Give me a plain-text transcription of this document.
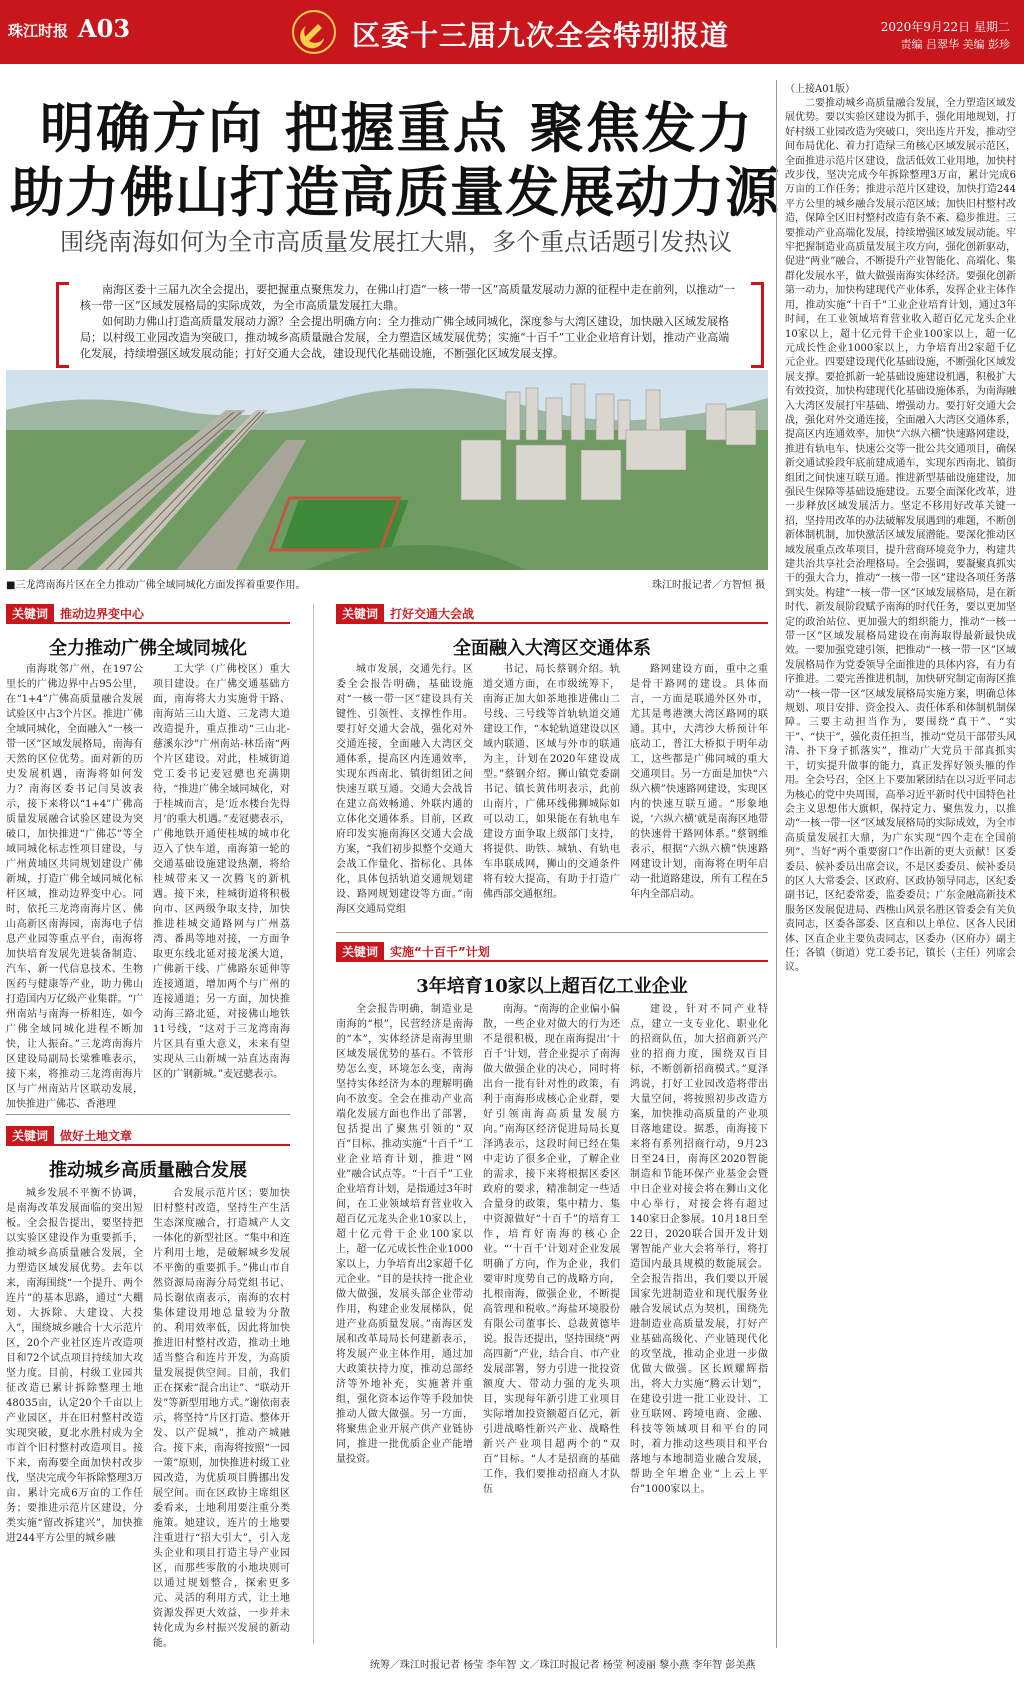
珠江时报 A03	区委十三届九次全会特别报道	2020年9月22日 星期二
责编 吕翠华 美编 彭珍
明确方向 把握重点 聚焦发力
助力佛山打造高质量发展动力源
围绕南海如何为全市高质量发展扛大鼎，多个重点话题引发热议

南海区委十三届九次全会提出，要把握重点聚焦发力，在佛山打造“一核一带一区”高质量发展动力源的征程中走在前列，以推动“一核一带一区”区域发展格局的实际成效，为全市高质量发展扛大鼎。

如何助力佛山打造高质量发展动力源？全会提出明确方向：全力推动广佛全域同城化，深度参与大湾区建设，加快融入区域发展格局；以村级工业园改造为突破口，推动城乡高质量融合发展，全力塑造区域发展优势；实施“十百千”工业企业培育计划，推动产业高端化发展，持续增强区域发展动能；打好交通大会战，建设现代化基础设施，不断强化区域发展支撑。

■三龙湾南海片区在全力推动广佛全域同城化方面发挥着重要作用。	珠江时报记者／方智恒 摄
关键词 推动边界变中心
全力推动广佛全域同城化

南海耽邻广州，在197公里长的广佛边界中占95公里，在“1+4”广佛高质量融合发展试验区中占3个片区。推进广佛全域同城化，全面融入“一核一带一区”区域发展格局，南海有天然的区位优势。面对新的历史发展机遇，南海将如何发力？南海区委书记闫昊波表示，接下来将以“1+4”广佛高质量发展融合试验区建设为突破口，加快推进“广佛芯”等全域同城化标志性项目建设，与广州黄埔区共同规划建设广佛新城，打造广佛全域同城化标杆区域，推动边界变中心。同时，依托三龙湾南海片区、佛山高新区南海园，南海电子信息产业园等重点平台，南海将加快培育发展先进装备制造、汽车、新一代信息技术、生物医药与健康等产业，助力佛山打造国内万亿级产业集群。“广州南站与南海一桥相连，如今广佛全域同城化进程不断加快，让人振奋。”三龙湾南海片区建设局副局长梁雅唯表示，接下来，将推动三龙湾南海片区与广州南站片区联动发展，加快推进广佛芯、香港理

工大学（广佛校区）重大项目建设。在广佛交通基础方面，南海将大力实施骨干路、南海站三山大道、三龙湾大道改造提升，重点推动“三山北-慈溪东沙”广州南站-林岳南“两个片区建设。对此，桂城街道党工委书记麦冠骢也充满期待，“推进广佛全域同城化，对于桂城而言，是‘近水楼台先得月’的重大机遇。”麦冠骢表示，广佛地铁开通使桂城的城市化迈入了快车道，南海第一轮的交通基础设施建设热潮，将给桂城带来又一次腾飞的新机遇。接下来，桂城街道将积极向市、区两级争取支持，加快推进桂城交通路网与广州荔湾、番禺等地对接，一方面争取更东线北延对接龙溪大道，广佛新干线、广佛路东延伸等连接通道，增加两个与广州的连接通道；另一方面，加快推动海三路北延，对接佛山地铁11号线，“这对于三龙湾南海片区具有重大意义，未来有望实现从三山新城一站直达南海区的广钢新城。”麦冠骢表示。

关键词 打好交通大会战
全面融入大湾区交通体系

城市发展，交通先行。区委全会报告明确，基础设施对“一核一带一区”建设具有关键性、引领性、支撑性作用。要打好交通大会战，强化对外交通连接，全面融入大湾区交通体系，提高区内连通效率，实现东西南北、镇街组团之间快速互联互通。交通大会战旨在建立高效畅通、外联内通的立体化交通体系。目前，区政府印发实施南海区交通大会战方案，“我们初步拟整个交通大会战工作量化、指标化、具体化，具体包括轨道交通规划建设、路网规划建设等方面。”南海区交通局党组

书记、局长蔡钢介绍。轨道交通方面，在市级统筹下，南海正加大如茶地推进佛山二号线、三号线等首轨轨道交通建设工作，“本轮轨道建设以区域内联通、区域与外市的联通为主，计划在2020年建设成型。”蔡钢介绍。狮山镇党委副书记、镇长黄伟明表示，此前山南片，广佛环线佛狮城际如可以动工，如果能在有轨电车建设方面争取上级部门支持，将提供、助铁、城轨、有轨电车串联成网，狮山的交通条件将有较大提高，有助于打造广佛西部交通枢纽。

路网建设方面，重中之重是骨干路网的建设。具体而言，一方面是联通外区外市，尤其是粤港澳大湾区路网的联通。其中，大湾沙大桥预计年底动工，普江大桥拟于明年动工，这些都是广佛同城的重大交通项目。另一方面是加快“六纵六横”快速路网建设，实现区内的快速互联互通。“形象地说，‘六纵六横’就是南海区地带的快速骨干路网体系。”蔡钢维表示，根据“六纵六横”快速路网建设计划，南海将在明年启动一批道路建设，所有工程在5年内全部启动。

关键词 实施“十百千”计划
3年培育10家以上超百亿工业企业

全会报告明确，制造业是南海的“根”，民营经济是南海的“本”，实体经济是南海里鼎区域发展优势的基石。不管形势怎么变，环境怎么变，南海坚持实体经济为本的理解明确向不放变。全会在推动产业高端化发展方面也作出了部署，包括提出了聚焦引领的“双百”目标、推动实施“十百千”工业企业培育计划，推进“网业”融合试点等。“十百千”工业企业培育计划，是指通过3年时间，在工业领域培育营业收入超百亿元龙头企业10家以上，超十亿元骨干企业100家以上，超一亿元成长性企业1000家以上，力争培育出2家超千亿元企业。“目的是扶持一批企业做大做强，发展头部企业带动作用，构建企业发展梯队，促进产业高质量发展。”南海区发展和改革局局长何建新表示，将发展产业主体作用，通过加大政策扶持力度，推动总部经济等外地补充，实施著并重组，强化资本运作等手段加快推动人做大做强。另一方面，将聚焦企业开展产供产业链协同，推进一批优质企业产能增量投资。

南海。“南海的企业偏小偏散，一些企业对做大的行为还不是很积极，现在南海提出‘十百千’计划，营企业提示了南海做大做强企业的决心，同时将出台一批有针对性的政策，有利于南海形成核心企业群，要好引领南海高质量发展方向。”南海区经济促进局局长夏泽鸿表示，这段时间已经在集中走访了很多企业，了解企业的需求，接下来将根据区委区政府的要求，精准制定一些适合量身的政策，集中精力、集中资源做好“十百千”的培育工作，培育好南海的核心企业。“‘十百千’计划对企业发展明确了方向，作为企业，我们要审时度势自己的战略方向，扎根南海，做强企业，不断提高管理和税收。”海盐环境股份有限公司董事长、总裁黄德毕说。报告还提出，坚持围绕“两高四新”产业，结合自、市产业发展部署，努力引进一批投资额度大、带动力强的龙头项目，实现每年新引进工业项目实际增加投资额超百亿元，新引进战略性新兴产业、战略性新兴产业项目超两个的“双百”目标。“人才是招商的基础工作，我们要推动招商人才队伍

建设，针对不同产业特点，建立一支专业化、职业化的招商队伍，加大招商新兴产业的招商力度，围绕双百目标，不断创新招商模式。”夏泽鸿说，打好工业园改造将带出大量空间，将按照初步改造方案，加快推动高质量的产业项目落地建设。据悉，南海接下来将有系列招商行动，9月23日至24日，南海区2020智能制造和节能环保产业基金会暨中日企业对接会将在狮山文化中心举行，对接会将有超过140家日企参展。10月18日至22日，2020联合国开发计划署智能产业大会将举行，将打造国内最具规模的数能展会。全会报告指出，我们要以开展国家先进制造业和现代服务业融合发展试点为契机，围绕先进制造业高质量发展，打好产业基础高级化、产业链现代化的攻坚战，推动企业进一步做优做大做强。区长顾耀辉指出，将大力实施“腾云计划”，在建设引进一批工业设计、工业互联网、跨境电商、金融、科技等领域项目和平台的同时，着力推动这些项目和平台落地与本地制造业融合发展，帮助全年增企业“上云上平台”1000家以上。

关键词 做好土地文章
推动城乡高质量融合发展

城乡发展不平衡不协调，是南海改革发展面临的突出短板。全会报告提出，要坚持把以实验区建设作为重要抓手，推动城乡高质量融合发展，全力塑造区域发展优势。去年以来，南海围绕“一个提升、两个连片”的基本思路，通过“大棚划、大拆除、大建设、大投入”，围绕城乡融合十大示范片区，20个产业社区连片改造项目和72个试点项目持续加大攻坚力度。目前，村级工业园共征改造已累计拆除整理土地48035亩，认定20个千亩以上产业园区，并在旧村整村改造实现突破，夏北水胜村成为全市首个旧村整村改造项目。接下来，南海要全面加快村改步伐，坚决完成今年拆除整理3万亩、累计完成6万亩的工作任务；要推进示范片区建设，分类实施“留改拆建兴”，加快推进244平方公里的城乡融

合发展示范片区；要加快旧村整村改造，坚持生产生活生态深度融合，打造城产人文一体化的新型社区。“集中和连片利用土地，是破解城乡发展不平衡的重要抓手。”佛山市自然资源局南海分局党组书记、局长谢依南表示，南海的农村集体建设用地总量较为分散的、利用效率低，因此将加快推进旧村整村改造，推动土地适当整合和连片开发，为高质量发展提供空间。目前，我们正在探索“混合出让”、“联动开发”等新型用地方式。”谢依南表示，将坚持“片区打造、整体开发、以产促城”，推动产城融合。接下来，南海将按照“一园一策”原则，加快推进村级工业园改造，为优质项目腾挪出发展空间。而在区政协主席组区委看来，土地利用要注重分类施策。她建议，连片的土地要注重进行“招大引大”，引入龙头企业和项目打造主导产业园区，而那些零散的小地块则可以通过规划整合，探索更多元、灵活的利用方式，让土地资源发挥更大效益，一步并未转化成为乡村振兴发展的新动能。

（上接A01版）

二要推动城乡高质量融合发展，全力塑造区域发展优势。要以实验区建设为抓手，强化用地规划，打好村级工业园改造为突破口，突出连片开发，推动空间布局优化、着力打造绿三角核心区域发展示范区，全面推进示范片区建设，盘活低效工业用地，加快村改步伐，坚决完成今年拆除整理3万亩，累计完成6万亩的工作任务；推进示范片区建设，加快打造244平方公里的城乡融合发展示范区域；加快旧村整村改造，保障全区旧村整村改造有条不紊、稳步推进。三要推动产业高端化发展，持续增强区域发展动能。牢牢把握制造业高质量发展主攻方向，强化创新驱动，促进“两业”融合，不断提升产业智能化、高端化、集群化发展水平，做大做强南海实体经济。要强化创新第一动力，加快构建现代产业体系，发挥企业主体作用，推动实施“十百千”工业企业培育计划，通过3年时间，在工业领域培育营业收入超百亿元龙头企业10家以上，超十亿元骨干企业100家以上，超一亿元成长性企业1000家以上，力争培育出2家超千亿元企业。四要建设现代化基础设施，不断强化区域发展支撑。要抢抓新一轮基础设施建设机遇，积极扩大有效投资，加快构建现代化基础设施体系，为南海融入大湾区发展打牢基础、增强动力。要打好交通大会战，强化对外交通连接，全面融入大湾区交通体系，提高区内连通效率，加快“六纵六横”快速路网建设，推进有轨电车、快速公交等一批公共交通项目，确保新交通试验段年底前建成通车，实现东西南北、镇街组团之间快速互联互通。推进新型基础设施建设，加强民生保障等基础设施建设。五要全面深化改革，进一步释放区域发展活力。坚定不移用好改革关键一招，坚持用改革的办法破解发展遇到的难题，不断创新体制机制，加快激活区域发展潜能。要深化推动区域发展重点改革项目，提升营商环境竞争力，构建共建共治共享社会治理格局。全会强调，要凝聚真抓实干的强大合力，推动“一核一带一区”建设各项任务落到实处。构建“一核一带一区”区域发展格局，是在新时代、新发展阶段赋予南海的时代任务，要以更加坚定的政治站位、更加强大的组织能力，推动“一核一带一区”区域发展格局建设在南海取得最新最快成效。一要加强党建引领，把推动“一核一带一区”区域发展格局作为党委领导全面推进的具体内容，有力有序推进。二要完善推进机制，加快研究制定南海区推动“一核一带一区”区域发展格局实施方案，明确总体规划、项目安排、资金投入、责任体系和体制机制保障。三要主动担当作为，要围绕“真干”、“实干”、“快干”，强化责任担当，推动“党员干部带头风清、扑下身子抓落实”，推动广大党员干部真抓实干，切实提升做事的能力，真正发挥好领头雁的作用。全会号召，全区上下要加紧团结在以习近平同志为核心的党中央周围，高举习近平新时代中国特色社会主义思想伟大旗帜，保持定力、聚焦发力，以推动“一核一带一区”区域发展格局的实际成效，为全市高质量发展扛大鼎，为广东实现“四个走在全国前列”、当好“两个重要窗口”作出新的更大贡献！区委委员、候补委员出席会议，不是区委委员、候补委员的区人大常委会、区政府、区政协领导同志，区纪委副书记，区纪委常委，监委委员；广东金融高新技术服务区发展促进局、西樵山风景名胜区管委会有关负责同志，区委各部委、区直和以上单位、区各人民团体、区直企业主要负责同志，区委办（区府办）副主任；各镇（街道）党工委书记，镇长（主任）列席会议。

统筹／珠江时报记者 杨莹 李年智 文／珠江时报记者 杨莹 柯凌丽 黎小燕 李年智 彭美燕
